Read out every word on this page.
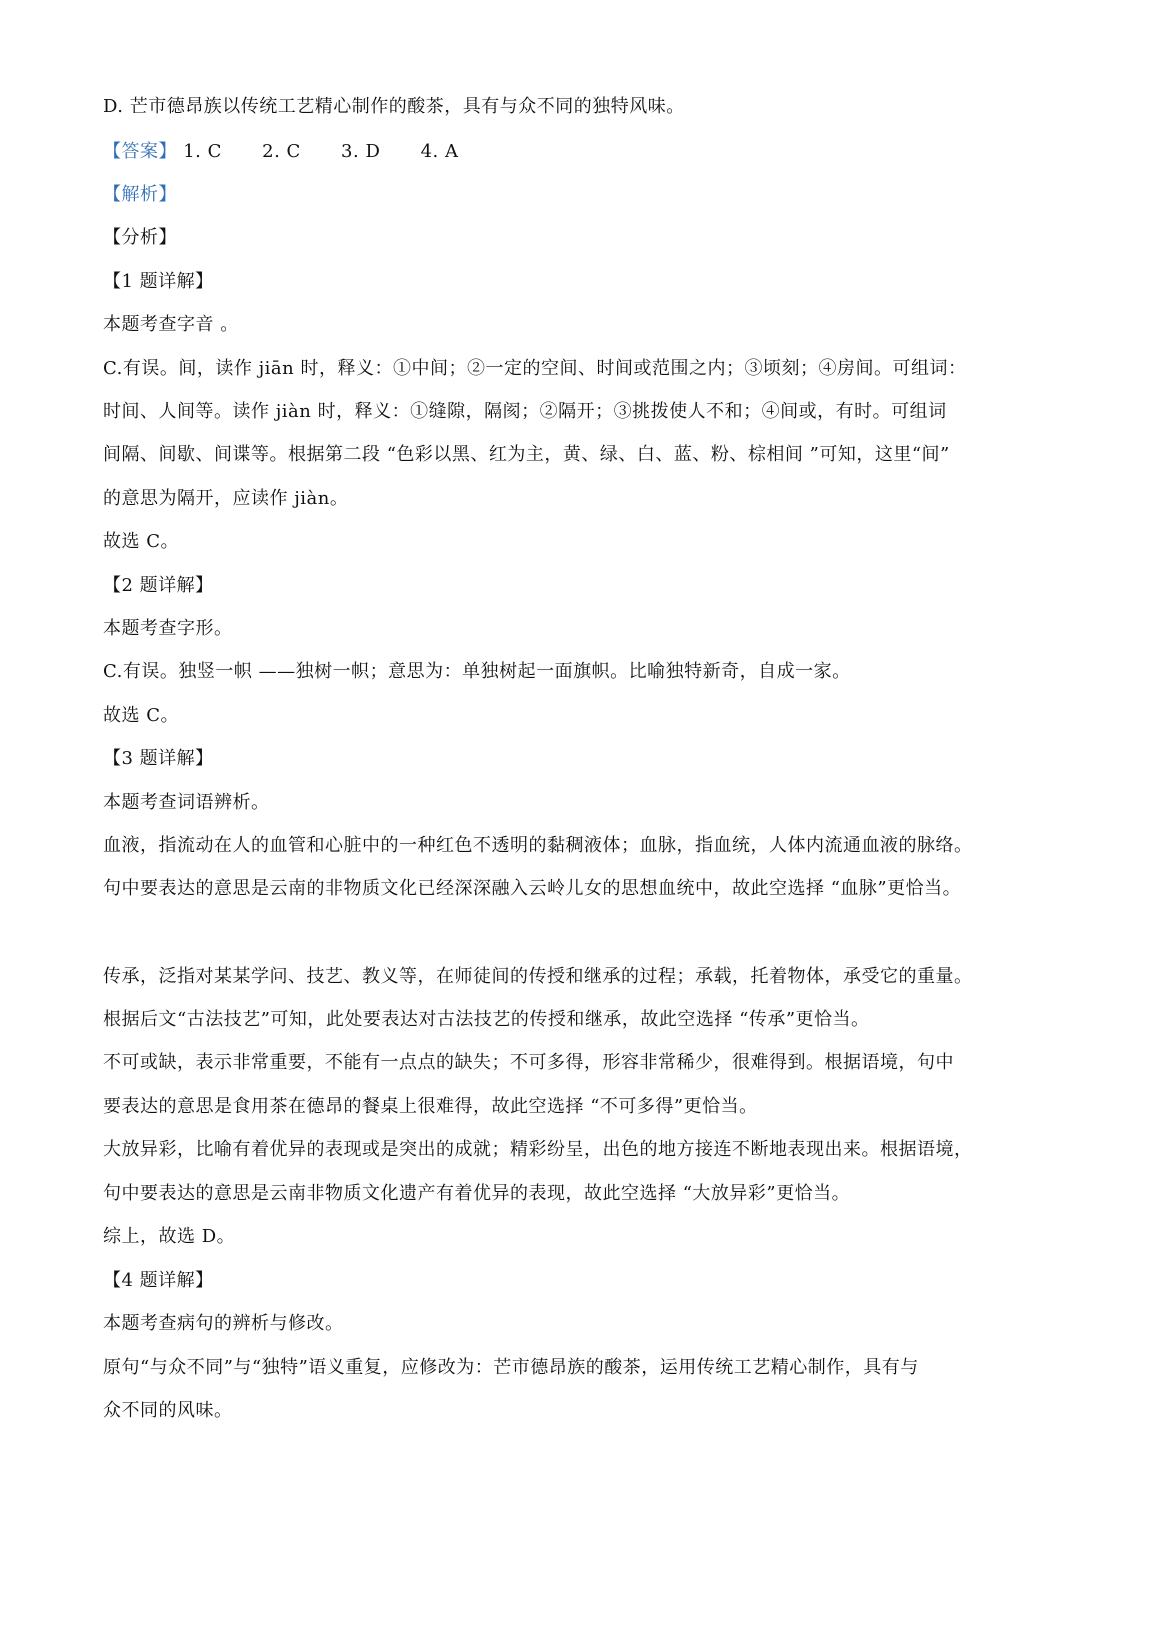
D. 芒市德昂族以传统工艺精心制作的酸茶，具有与众不同的独特风味。
【答案】 1. C 2. C 3. D 4. A
【解析】
【分析】
【1 题详解】
本题考查字音 。
C.有误。间，读作 jiān 时，释义：①中间；②一定的空间、时间或范围之内；③顷刻；④房间。可组词：
时间、人间等。读作 jiàn 时，释义：①缝隙，隔阂；②隔开；③挑拨使人不和；④间或，有时。可组词
间隔、间歇、间谍等。根据第二段 “色彩以黑、红为主，黄、绿、白、蓝、粉、棕相间 ”可知，这里“间”
的意思为隔开，应读作 jiàn。
故选 C。
【2 题详解】
本题考查字形。
C.有误。独竖一帜 ——独树一帜；意思为：单独树起一面旗帜。比喻独特新奇，自成一家。
故选 C。
【3 题详解】
本题考查词语辨析。
血液，指流动在人的血管和心脏中的一种红色不透明的黏稠液体；血脉，指血统，人体内流通血液的脉络。
句中要表达的意思是云南的非物质文化已经深深融入云岭儿女的思想血统中，故此空选择 “血脉”更恰当。
传承，泛指对某某学问、技艺、教义等，在师徒间的传授和继承的过程；承载，托着物体，承受它的重量。
根据后文“古法技艺”可知，此处要表达对古法技艺的传授和继承，故此空选择 “传承”更恰当。
不可或缺，表示非常重要，不能有一点点的缺失；不可多得，形容非常稀少，很难得到。根据语境，句中
要表达的意思是食用茶在德昂的餐桌上很难得，故此空选择 “不可多得”更恰当。
大放异彩，比喻有着优异的表现或是突出的成就；精彩纷呈，出色的地方接连不断地表现出来。根据语境，
句中要表达的意思是云南非物质文化遗产有着优异的表现，故此空选择 “大放异彩”更恰当。
综上，故选 D。
【4 题详解】
本题考查病句的辨析与修改。
原句“与众不同”与“独特”语义重复，应修改为：芒市德昂族的酸茶，运用传统工艺精心制作，具有与
众不同的风味。
